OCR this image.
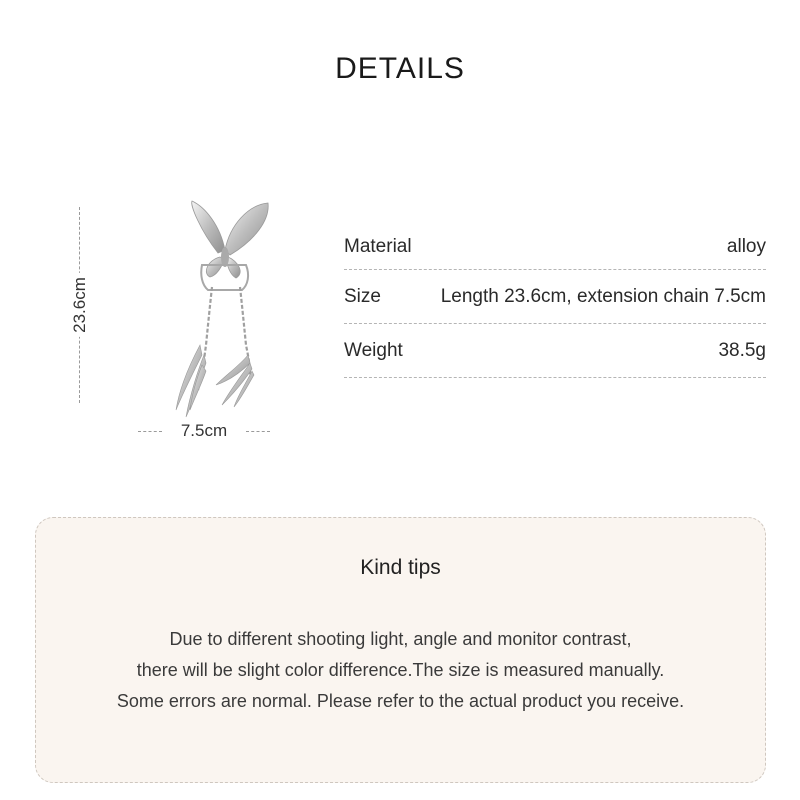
DETAILS
23.6cm
7.5cm
Material	alloy
Size	Length 23.6cm, extension chain 7.5cm
Weight	38.5g
Kind tips
Due to different shooting light, angle and monitor contrast,
there will be slight color difference.The size is measured manually.
Some errors are normal. Please refer to the actual product you receive.
